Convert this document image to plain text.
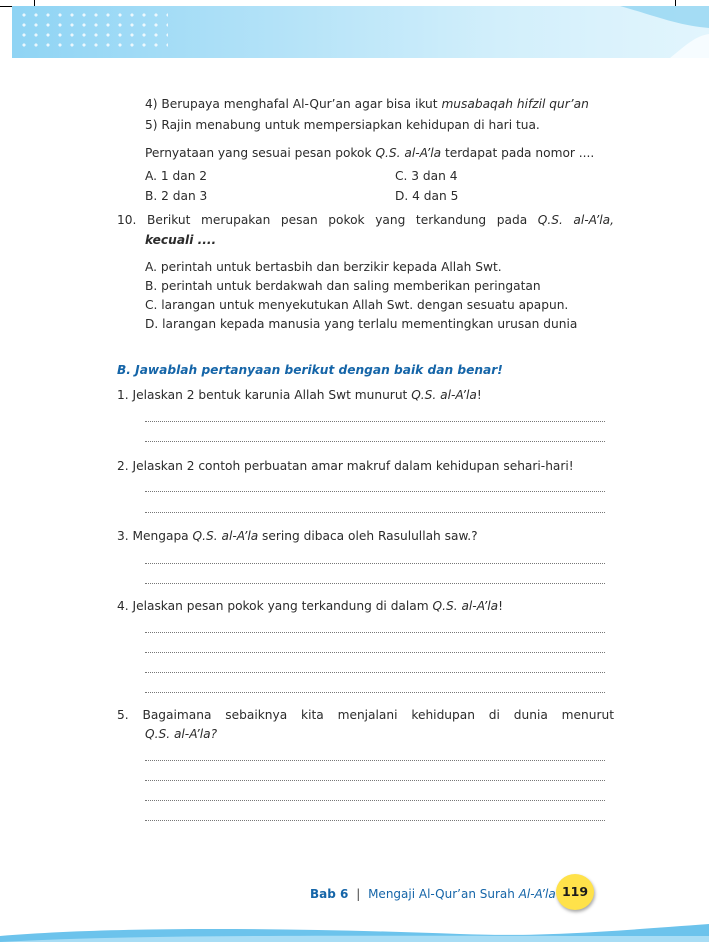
4) Berupaya menghafal Al-Qur’an agar bisa ikut musabaqah hifzil qur’an
5) Rajin menabung untuk mempersiapkan kehidupan di hari tua.
Pernyataan yang sesuai pesan pokok Q.S. al-A’la terdapat pada nomor ....
A. 1 dan 2	C. 3 dan 4
B. 2 dan 3	D. 4 dan 5
10. Berikut merupakan pesan pokok yang terkandung pada Q.S. al-A’la,
kecuali ....
A. perintah untuk bertasbih dan berzikir kepada Allah Swt.
B. perintah untuk berdakwah dan saling memberikan peringatan
C. larangan untuk menyekutukan Allah Swt. dengan sesuatu apapun.
D. larangan kepada manusia yang terlalu mementingkan urusan dunia
B. Jawablah pertanyaan berikut dengan baik dan benar!
1. Jelaskan 2 bentuk karunia Allah Swt munurut Q.S. al-A’la!
2. Jelaskan 2 contoh perbuatan amar makruf dalam kehidupan sehari-hari!
3. Mengapa Q.S. al-A’la sering dibaca oleh Rasulullah saw.?
4. Jelaskan pesan pokok yang terkandung di dalam Q.S. al-A’la!
5. Bagaimana sebaiknya kita menjalani kehidupan di dunia menurut
Q.S. al-A’la?
Bab 6 | Mengaji Al-Qur’an Surah Al-A’la 119
